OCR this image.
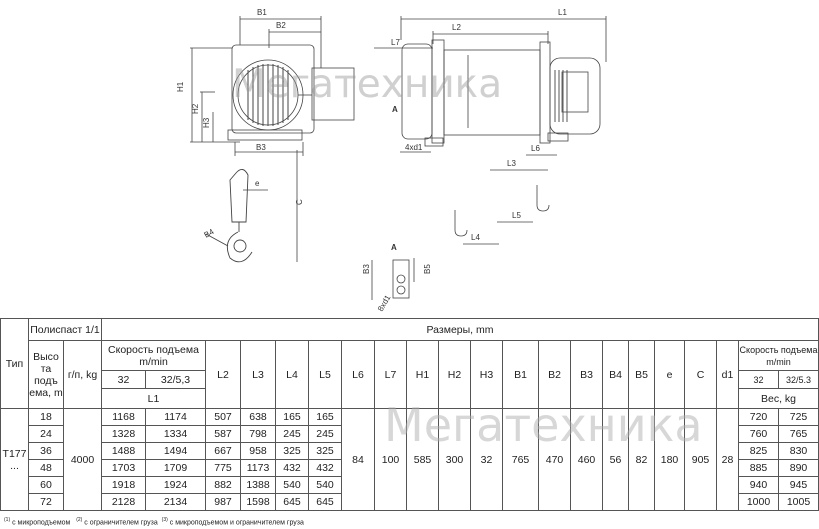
B1
B2
H1
H2
H3
B3
e
C
B4
L1
L2
L7
A
4xd1	L6
L3
L5
L4
A
B3	B5
8xd1
Мегатехника
Тип	Полиспаст 1/1		Размеры, mm																				
	Высо та подъ ема, m	г/п, kg	Скорость подъема m/min		L2	L3	L4	L5	L6	L7	H1	H2	H3	B1	B2	B3	B4	B5	e	C	d1	Скорость подъема m/min	
			32	32/5,3																		32	32/5.3
			L1																			Вес, kg	
Т177 ...	18	4000	1168	1174	507	638	165	165	84	100	585	300	32	765	470	460	56	82	180	905	28	720	725
	24		1328	1334	587	798	245	245														760	765
	36		1488	1494	667	958	325	325														825	830
	48		1703	1709	775	1173	432	432														885	890
	60		1918	1924	882	1388	540	540														940	945
	72		2128	2134	987	1598	645	645														1000	1005
Мегатехника
$^{(1)}$ с микроподъемом $^{(2)}$ с ограничителем груза $^{(3)}$ с микроподъемом и ограничителем груза
